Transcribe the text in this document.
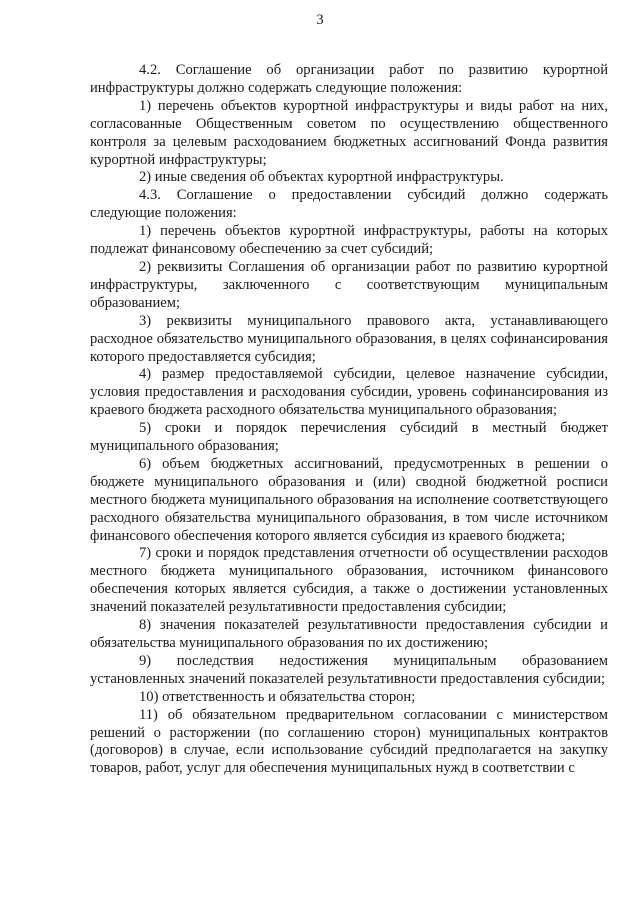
3

4.2. Соглашение об организации работ по развитию курортной инфраструктуры должно содержать следующие положения:

1) перечень объектов курортной инфраструктуры и виды работ на них, согласованные Общественным советом по осуществлению общественного контроля за целевым расходованием бюджетных ассигнований Фонда развития курортной инфраструктуры;

2) иные сведения об объектах курортной инфраструктуры.

4.3. Соглашение о предоставлении субсидий должно содержать следующие положения:

1) перечень объектов курортной инфраструктуры, работы на которых подлежат финансовому обеспечению за счет субсидий;

2) реквизиты Соглашения об организации работ по развитию курортной инфраструктуры, заключенного с соответствующим муниципальным образованием;

3) реквизиты муниципального правового акта, устанавливающего расходное обязательство муниципального образования, в целях софинансирования которого предоставляется субсидия;

4) размер предоставляемой субсидии, целевое назначение субсидии, условия предоставления и расходования субсидии, уровень софинансирования из краевого бюджета расходного обязательства муниципального образования;

5) сроки и порядок перечисления субсидий в местный бюджет муниципального образования;

6) объем бюджетных ассигнований, предусмотренных в решении о бюджете муниципального образования и (или) сводной бюджетной росписи местного бюджета муниципального образования на исполнение соответствующего расходного обязательства муниципального образования, в том числе источником финансового обеспечения которого является субсидия из краевого бюджета;

7) сроки и порядок представления отчетности об осуществлении расходов местного бюджета муниципального образования, источником финансового обеспечения которых является субсидия, а также о достижении установленных значений показателей результативности предоставления субсидии;

8) значения показателей результативности предоставления субсидии и обязательства муниципального образования по их достижению;

9) последствия недостижения муниципальным образованием установленных значений показателей результативности предоставления субсидии;

10) ответственность и обязательства сторон;

11) об обязательном предварительном согласовании с министерством решений о расторжении (по соглашению сторон) муниципальных контрактов (договоров) в случае, если использование субсидий предполагается на закупку товаров, работ, услуг для обеспечения муниципальных нужд в соответствии с
